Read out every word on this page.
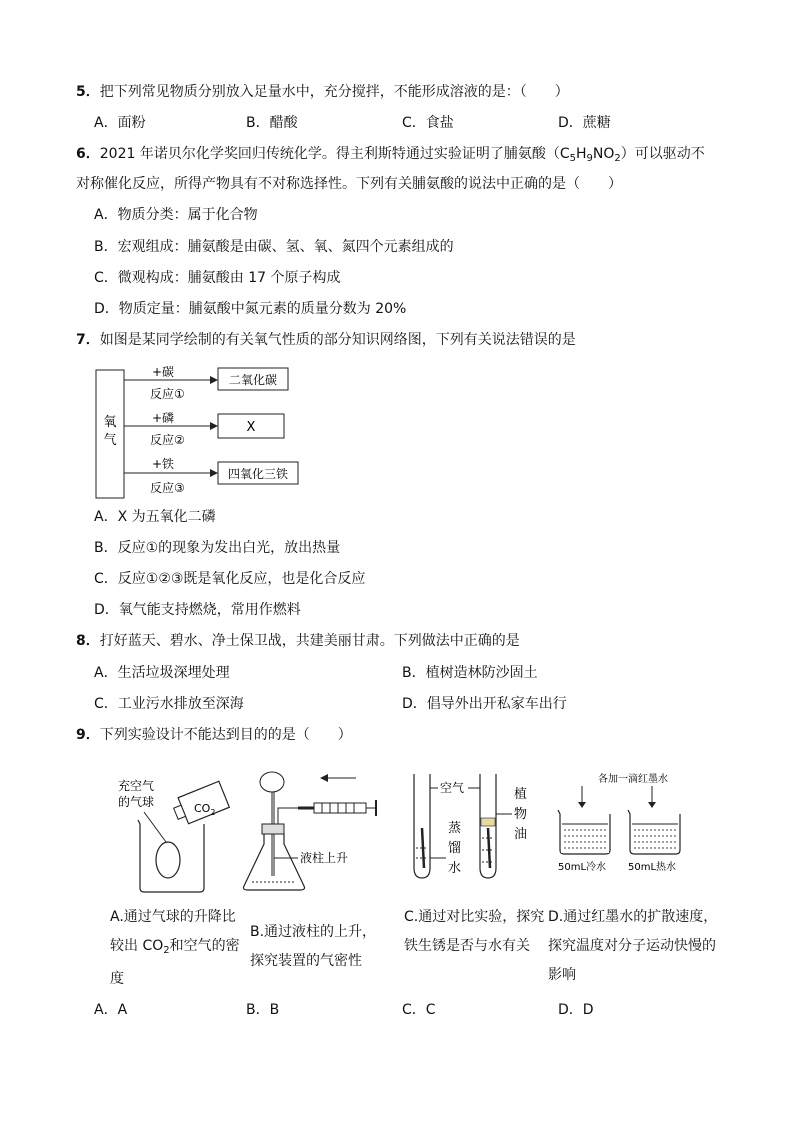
5．把下列常见物质分别放入足量水中，充分搅拌，不能形成溶液的是：（　　）
A．面粉	B．醋酸	C．食盐	D．蔗糖
6．2021 年诺贝尔化学奖回归传统化学。得主利斯特通过实验证明了脯氨酸$(C_5H_9NO_2)$可以驱动不
对称催化反应，所得产物具有不对称选择性。下列有关脯氨酸的说法中正确的是（　　）
A．物质分类：属于化合物
B．宏观组成：脯氨酸是由碳、氢、氧、氮四个元素组成的
C．微观构成：脯氨酸由 17 个原子构成
D．物质定量：脯氨酸中氮元素的质量分数为 20%
7．如图是某同学绘制的有关氧气性质的部分知识网络图，下列有关说法错误的是
氧
气
+碳
反应①
二氧化碳
+磷
反应②
X
+铁
反应③
四氧化三铁
A．X 为五氧化二磷
B．反应①的现象为发出白光，放出热量
C．反应①②③既是氧化反应，也是化合反应
D．氧气能支持燃烧，常用作燃料
8．打好蓝天、碧水、净土保卫战，共建美丽甘肃。下列做法中正确的是
A．生活垃圾深埋处理	B．植树造林防沙固土
C．工业污水排放至深海	D．倡导外出开私家车出行
9．下列实验设计不能达到目的的是（　　）
充空气
的气球	$CO_2$
液柱上升
空气
蒸
馏
水
植
物
油
各加一滴红墨水
50mL冷水 50mL热水
A.通过气球的升降比较出 $CO_2$和空气的密度
B.通过液柱的上升，探究装置的气密性
C.通过对比实验，探究铁生锈是否与水有关
D.通过红墨水的扩散速度，探究温度对分子运动快慢的影响
A．A	B．B	C．C	D．D
